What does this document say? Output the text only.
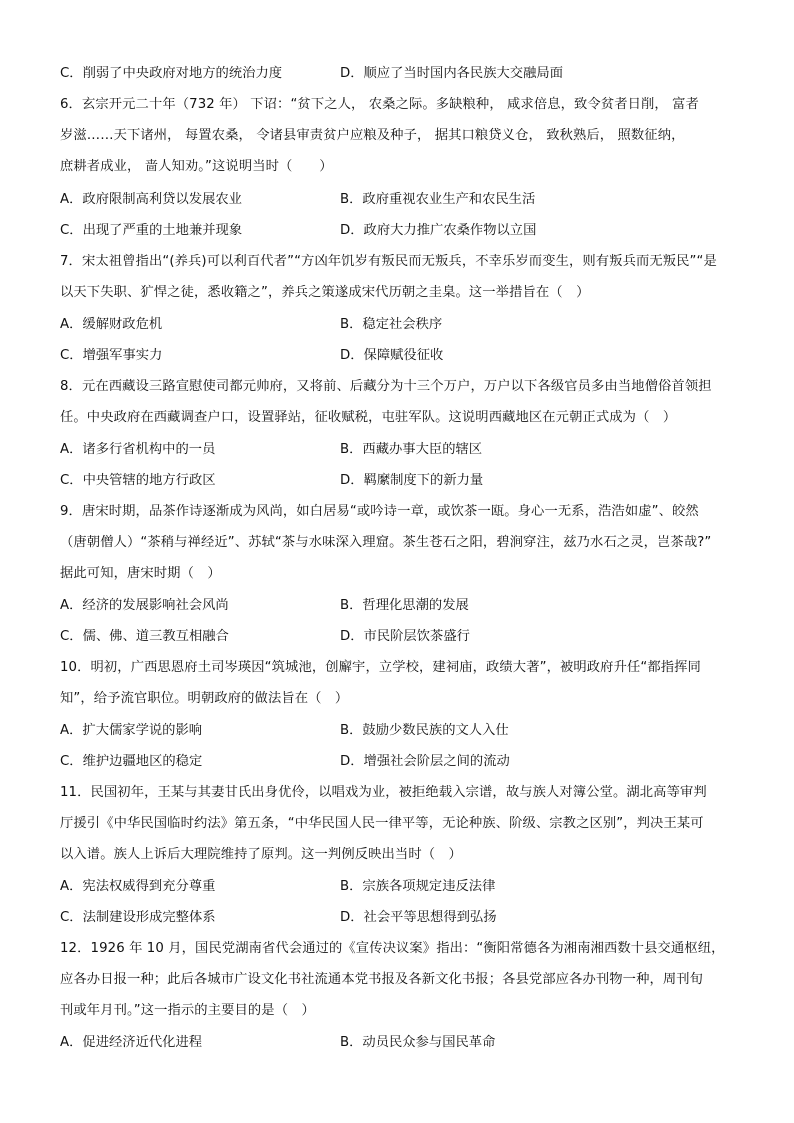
C．削弱了中央政府对地方的统治力度	D．顺应了当时国内各民族大交融局面
6．玄宗开元二十年（732 年） 下诏：“贫下之人， 农桑之际。多缺粮种， 咸求倍息，致令贫者日削， 富者
岁滋……天下诸州， 每置农桑， 令诸县审责贫户应粮及种子， 据其口粮贷义仓， 致秋熟后， 照数征纳，
庶耕者成业， 啬人知劝。”这说明当时（　　）
A．政府限制高利贷以发展农业	B．政府重视农业生产和农民生活
C．出现了严重的土地兼并现象	D．政府大力推广农桑作物以立国
7．宋太祖曾指出“(养兵)可以利百代者”“方凶年饥岁有叛民而无叛兵，不幸乐岁而变生，则有叛兵而无叛民”“是
以天下失职、犷悍之徒，悉收籍之”，养兵之策遂成宋代历朝之圭臬。这一举措旨在（　）
A．缓解财政危机	B．稳定社会秩序
C．增强军事实力	D．保障赋役征收
8．元在西藏设三路宣慰使司都元帅府，又将前、后藏分为十三个万户，万户以下各级官员多由当地僧俗首领担
任。中央政府在西藏调查户口，设置驿站，征收赋税，屯驻军队。这说明西藏地区在元朝正式成为（　）
A．诸多行省机构中的一员	B．西藏办事大臣的辖区
C．中央管辖的地方行政区	D．羁縻制度下的新力量
9．唐宋时期，品茶作诗逐渐成为风尚，如白居易“或吟诗一章，或饮茶一瓯。身心一无系，浩浩如虚”、皎然
（唐朝僧人）“茶稍与禅经近”、苏轼“茶与水味深入理窟。茶生苍石之阳，碧涧穿注，兹乃水石之灵，岂茶哉?”
据此可知，唐宋时期（　）
A．经济的发展影响社会风尚	B．哲理化思潮的发展
C．儒、佛、道三教互相融合	D．市民阶层饮茶盛行
10．明初，广西思恩府土司岑瑛因“筑城池，创廨宇，立学校，建祠庙，政绩大著”，被明政府升任“都指挥同
知”，给予流官职位。明朝政府的做法旨在（　）
A．扩大儒家学说的影响	B．鼓励少数民族的文人入仕
C．维护边疆地区的稳定	D．增强社会阶层之间的流动
11．民国初年，王某与其妻甘氏出身优伶，以唱戏为业，被拒绝载入宗谱，故与族人对簿公堂。湖北高等审判
厅援引《中华民国临时约法》第五条，“中华民国人民一律平等，无论种族、阶级、宗教之区别”，判决王某可
以入谱。族人上诉后大理院维持了原判。这一判例反映出当时（　）
A．宪法权威得到充分尊重	B．宗族各项规定违反法律
C．法制建设形成完整体系	D．社会平等思想得到弘扬
12．1926 年 10 月，国民党湖南省代会通过的《宣传决议案》指出：“衡阳常德各为湘南湘西数十县交通枢纽，
应各办日报一种；此后各城市广设文化书社流通本党书报及各新文化书报；各县党部应各办刊物一种，周刊旬
刊或年月刊。”这一指示的主要目的是（　）
A．促进经济近代化进程	B．动员民众参与国民革命
